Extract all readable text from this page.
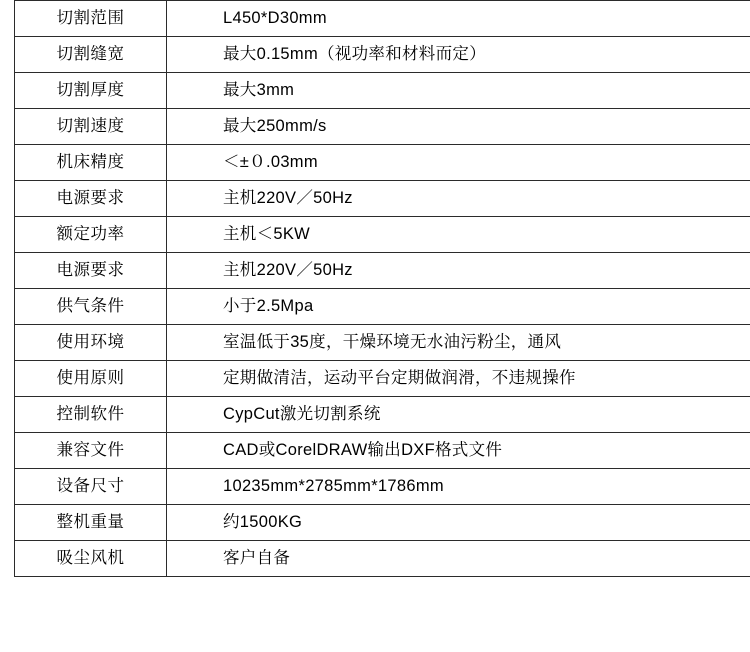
切割范围	L450*D30mm
切割缝宽	最大0.15mm（视功率和材料而定）
切割厚度	最大3mm
切割速度	最大250mm/s
机床精度	＜±０.03mm
电源要求	主机220V／50Hz
额定功率	主机＜5KW
电源要求	主机220V／50Hz
供气条件	小于2.5Mpa
使用环境	室温低于35度，干燥环境无水油污粉尘，通风
使用原则	定期做清洁，运动平台定期做润滑，不违规操作
控制软件	CypCut激光切割系统
兼容文件	CAD或CorelDRAW输出DXF格式文件
设备尺寸	10235mm*2785mm*1786mm
整机重量	约1500KG
吸尘风机	客户自备
